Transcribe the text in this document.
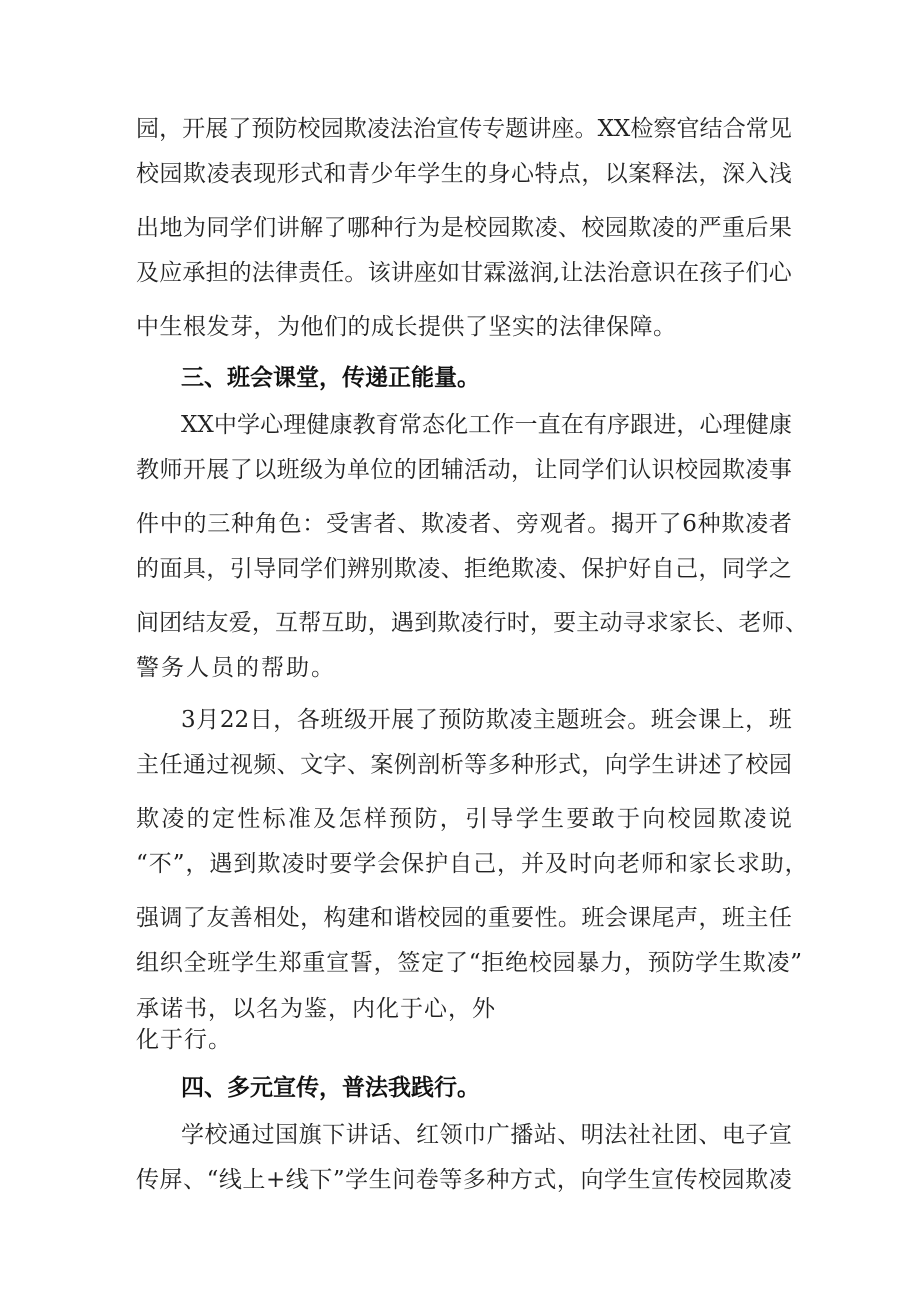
园 ， 开 展 了 预 防 校 园 欺 凌 法 治 宣 传 专 题 讲 座 。 XX 检 察 官 结 合 常 见
校 园 欺 凌 表 现 形 式 和 青 少 年 学 生 的 身 心 特 点 ， 以 案 释 法 ， 深 入 浅
出 地 为 同 学 们 讲 解 了 哪 种 行 为 是 校 园 欺 凌 、 校 园 欺 凌 的 严 重 后 果
及 应 承 担 的 法 律 责 任 。 该 讲 座 如 甘 霖 滋 润 , 让 法 治 意 识 在 孩 子 们 心
中生根发芽，为他们的成长提供了坚实的法律保障。
三、班会课堂，传递正能量。
XX 中 学 心 理 健 康 教 育 常 态 化 工 作 一 直 在 有 序 跟 进 ， 心 理 健 康
教 师 开 展 了 以 班 级 为 单 位 的 团 辅 活 动 ， 让 同 学 们 认 识 校 园 欺 凌 事
件 中 的 三 种 角 色 ： 受 害 者 、 欺 凌 者 、 旁 观 者 。 揭 开 了 6 种 欺 凌 者
的 面 具 ， 引 导 同 学 们 辨 别 欺 凌 、 拒 绝 欺 凌 、 保 护 好 自 己 ， 同 学 之
间 团 结 友 爱 ， 互 帮 互 助 ， 遇 到 欺 凌 行 时 ， 要 主 动 寻 求 家 长 、 老 师 、
警务人员的帮助。
3 月 22 日 ， 各 班 级 开 展 了 预 防 欺 凌 主 题 班 会 。 班 会 课 上 ， 班
主 任 通 过 视 频 、 文 字 、 案 例 剖 析 等 多 种 形 式 ， 向 学 生 讲 述 了 校 园
欺 凌 的 定 性 标 准 及 怎 样 预 防 ， 引 导 学 生 要 敢 于 向 校 园 欺 凌 说
“ 不 ” ， 遇 到 欺 凌 时 要 学 会 保 护 自 己 ， 并 及 时 向 老 师 和 家 长 求 助 ，
强 调 了 友 善 相 处 ， 构 建 和 谐 校 园 的 重 要 性 。 班 会 课 尾 声 ， 班 主 任
组 织 全 班 学 生 郑 重 宣 誓 ， 签 定 了 “ 拒 绝 校 园 暴 力 ， 预 防 学 生 欺 凌 ”
承诺书，以名为鉴，内化于心，外
化于行。
四、多元宣传，普法我践行。
学 校 通 过 国 旗 下 讲 话 、 红 领 巾 广 播 站 、 明 法 社 社 团 、 电 子 宣
传 屏 、 “ 线 上 + 线 下 ” 学 生 问 卷 等 多 种 方 式 ， 向 学 生 宣 传 校 园 欺 凌
